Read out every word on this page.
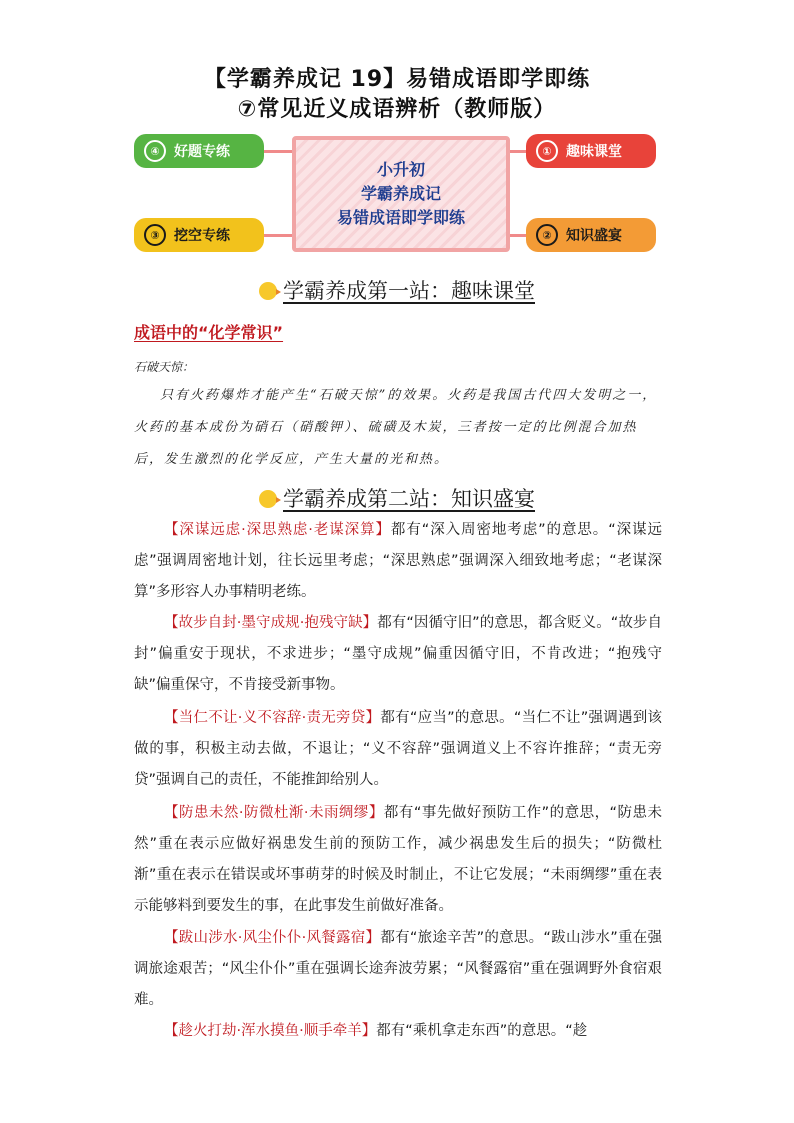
【学霸养成记 19】易错成语即学即练
⑦常见近义成语辨析（教师版）
小升初
学霸养成记
易错成语即学即练
④	好题专练	①	趣味课堂
③	挖空专练	②	知识盛宴
学霸养成第一站：趣味课堂
成语中的“化学常识”
石破天惊：
只有火药爆炸才能产生“石破天惊”的效果。火药是我国古代四大发明之一，火药的基本成份为硝石（硝酸钾）、硫磺及木炭，三者按一定的比例混合加热后，发生激烈的化学反应，产生大量的光和热。
学霸养成第二站：知识盛宴
【深谋远虑·深思熟虑·老谋深算】都有“深入周密地考虑”的意思。“深谋远虑”强调周密地计划，往长远里考虑；“深思熟虑”强调深入细致地考虑；“老谋深算”多形容人办事精明老练。
【故步自封·墨守成规·抱残守缺】都有“因循守旧”的意思，都含贬义。“故步自封”偏重安于现状，不求进步；“墨守成规”偏重因循守旧，不肯改进；“抱残守缺”偏重保守，不肯接受新事物。
【当仁不让·义不容辞·责无旁贷】都有“应当”的意思。“当仁不让”强调遇到该做的事，积极主动去做，不退让；“义不容辞”强调道义上不容许推辞；“责无旁贷”强调自己的责任，不能推卸给别人。
【防患未然·防微杜渐·未雨绸缪】都有“事先做好预防工作”的意思，“防患未然”重在表示应做好祸患发生前的预防工作，减少祸患发生后的损失；“防微杜渐”重在表示在错误或坏事萌芽的时候及时制止，不让它发展；“未雨绸缪”重在表示能够料到要发生的事，在此事发生前做好准备。
【跋山涉水·风尘仆仆·风餐露宿】都有“旅途辛苦”的意思。“跋山涉水”重在强调旅途艰苦；“风尘仆仆”重在强调长途奔波劳累；“风餐露宿”重在强调野外食宿艰难。
【趁火打劫·浑水摸鱼·顺手牵羊】都有“乘机拿走东西”的意思。“趁
